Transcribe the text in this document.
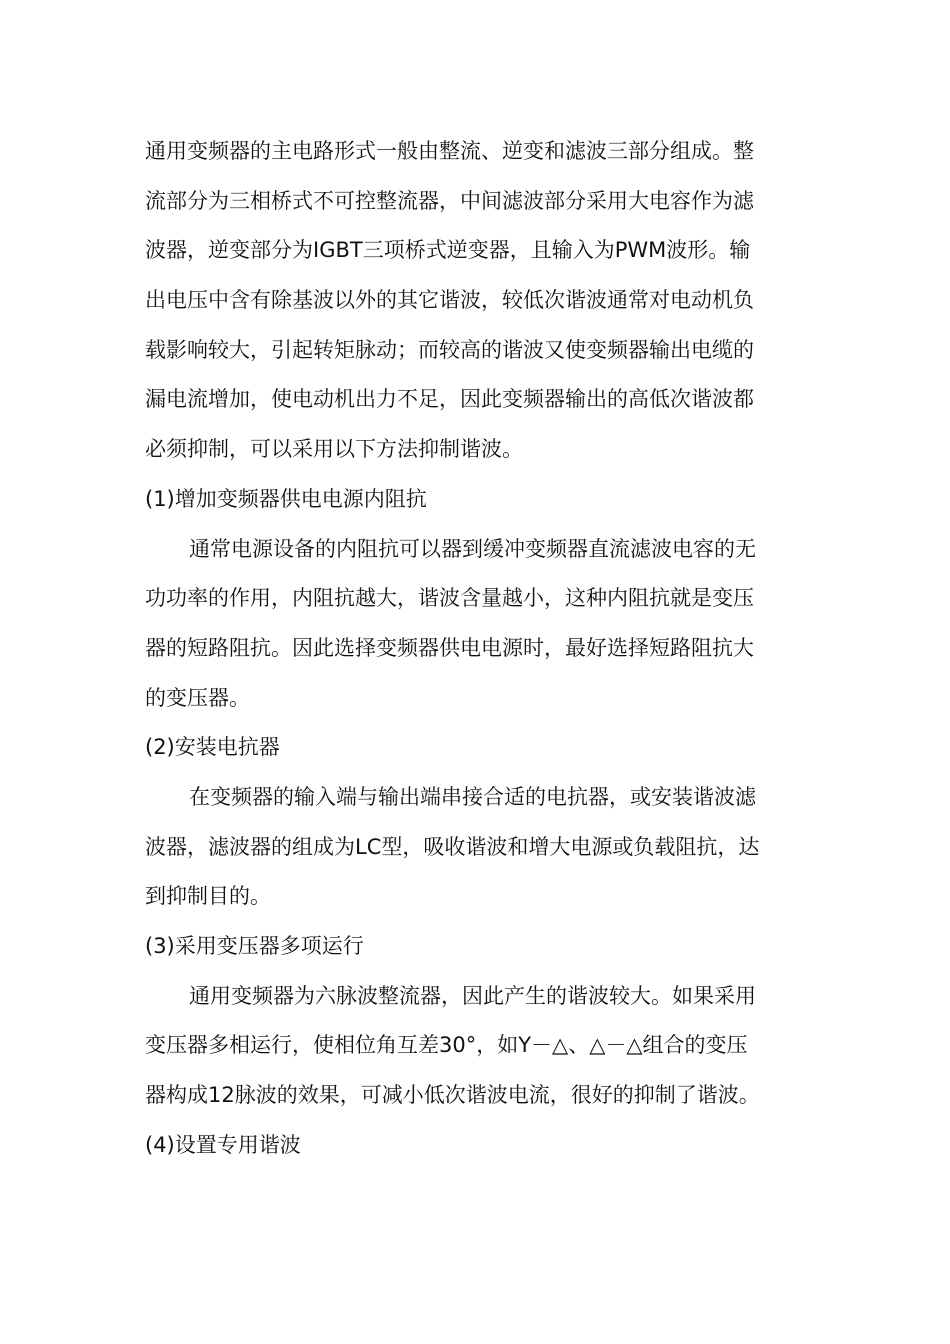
通用变频器的主电路形式一般由整流、逆变和滤波三部分组成。整
流部分为三相桥式不可控整流器，中间滤波部分采用大电容作为滤
波器，逆变部分为IGBT三项桥式逆变器，且输入为PWM波形。输
出电压中含有除基波以外的其它谐波，较低次谐波通常对电动机负
载影响较大，引起转矩脉动；而较高的谐波又使变频器输出电缆的
漏电流增加，使电动机出力不足，因此变频器输出的高低次谐波都
必须抑制，可以采用以下方法抑制谐波。
(1)增加变频器供电电源内阻抗
通常电源设备的内阻抗可以器到缓冲变频器直流滤波电容的无
功功率的作用，内阻抗越大，谐波含量越小，这种内阻抗就是变压
器的短路阻抗。因此选择变频器供电电源时，最好选择短路阻抗大
的变压器。
(2)安装电抗器
在变频器的输入端与输出端串接合适的电抗器，或安装谐波滤
波器，滤波器的组成为LC型，吸收谐波和增大电源或负载阻抗，达
到抑制目的。
(3)采用变压器多项运行
通用变频器为六脉波整流器，因此产生的谐波较大。如果采用
变压器多相运行，使相位角互差30°，如Y－△、△－△组合的变压
器构成12脉波的效果，可减小低次谐波电流，很好的抑制了谐波。
(4)设置专用谐波
